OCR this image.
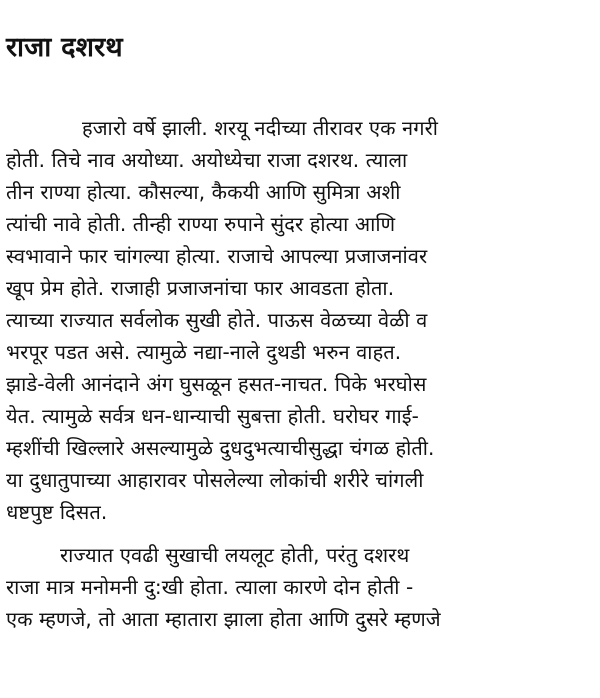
राजा दशरथ

हजारो वर्षे झाली. शरयू नदीच्या तीरावर एक नगरी

होती. तिचे नाव अयोध्या. अयोध्येचा राजा दशरथ. त्याला

तीन राण्या होत्या. कौसल्या, कैकयी आणि सुमित्रा अशी

त्यांची नावे होती. तीन्ही राण्या रुपाने सुंदर होत्या आणि

स्वभावाने फार चांगल्या होत्या. राजाचे आपल्या प्रजाजनांवर

खूप प्रेम होते. राजाही प्रजाजनांचा फार आवडता होता.

त्याच्या राज्यात सर्वलोक सुखी होते. पाऊस वेळच्या वेळी व

भरपूर पडत असे. त्यामुळे नद्या-नाले दुथडी भरुन वाहत.

झाडे-वेली आनंदाने अंग घुसळून हसत-नाचत. पिके भरघोस

येत. त्यामुळे सर्वत्र धन-धान्याची सुबत्ता होती. घरोघर गाई-

म्हशींची खिल्लारे असल्यामुळे दुधदुभत्याचीसुद्धा चंगळ होती.

या दुधातुपाच्या आहारावर पोसलेल्या लोकांची शरीरे चांगली

धष्टपुष्ट दिसत.

राज्यात एवढी सुखाची लयलूट होती, परंतु दशरथ

राजा मात्र मनोमनी दु:खी होता. त्याला कारणे दोन होती -

एक म्हणजे, तो आता म्हातारा झाला होता आणि दुसरे म्हणजे
